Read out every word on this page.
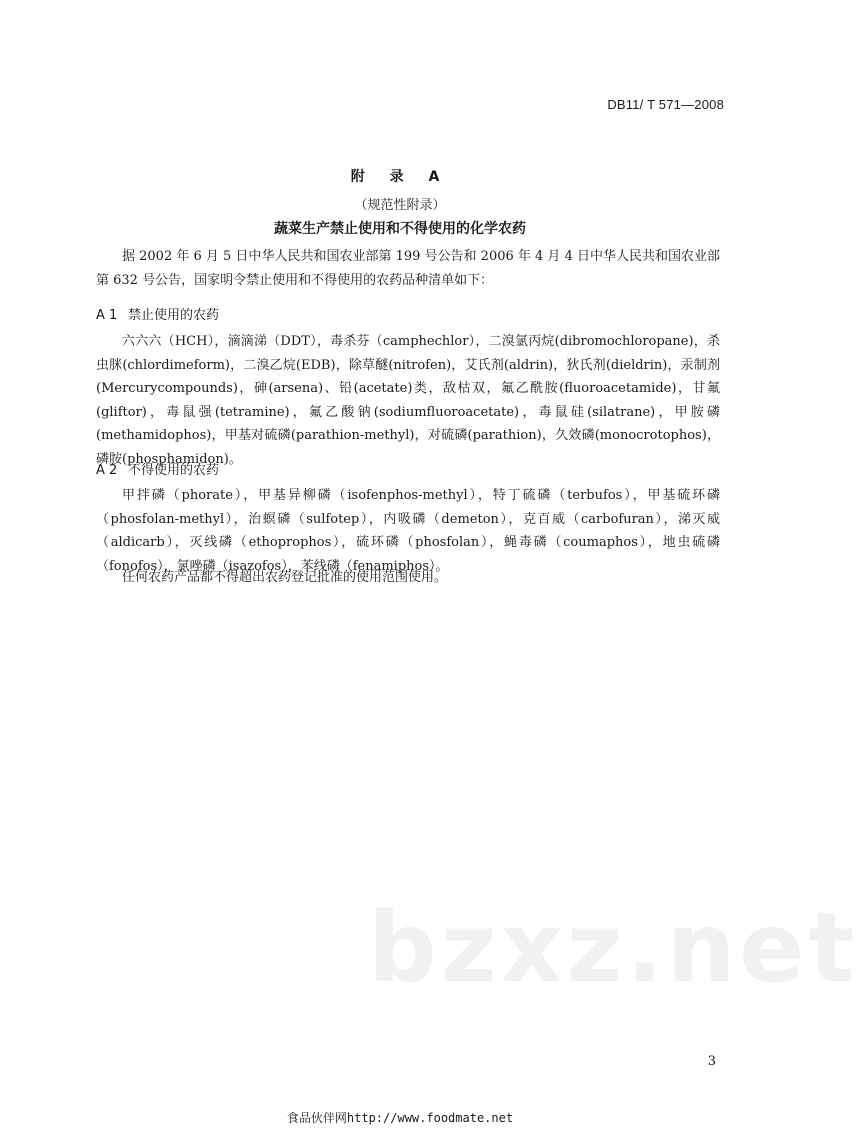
DB11/ T 571—2008
附 录 A
（规范性附录）
蔬菜生产禁止使用和不得使用的化学农药

据 2002 年 6 月 5 日中华人民共和国农业部第 199 号公告和 2006 年 4 月 4 日中华人民共和国农业部第 632 号公告，国家明令禁止使用和不得使用的农药品种清单如下：

A 1 禁止使用的农药

六六六（HCH），滴滴涕（DDT），毒杀芬（camphechlor），二溴氯丙烷(dibromochloropane)，杀虫脒(chlordimeform)，二溴乙烷(EDB)，除草醚(nitrofen)，艾氏剂(aldrin)，狄氏剂(dieldrin)，汞制剂(Mercurycompounds)，砷(arsena)、铅(acetate)类，敌枯双，氟乙酰胺(fluoroacetamide)，甘氟(gliftor)，毒鼠强(tetramine)，氟乙酸钠(sodiumfluoroacetate)，毒鼠硅(silatrane)，甲胺磷(methamidophos)，甲基对硫磷(parathion-methyl)，对硫磷(parathion)，久效磷(monocrotophos)，磷胺(phosphamidon)。

A 2 不得使用的农药

甲拌磷（phorate），甲基异柳磷（isofenphos-methyl），特丁硫磷（terbufos），甲基硫环磷（phosfolan-methyl），治螟磷（sulfotep），内吸磷（demeton），克百威（carbofuran），涕灭威（aldicarb），灭线磷（ethoprophos），硫环磷（phosfolan），蝇毒磷（coumaphos），地虫硫磷（fonofos），氯唑磷（isazofos），苯线磷（fenamiphos）。

任何农药产品都不得超出农药登记批准的使用范围使用。

bzxz.net
3
食品伙伴网http://www.foodmate.net
